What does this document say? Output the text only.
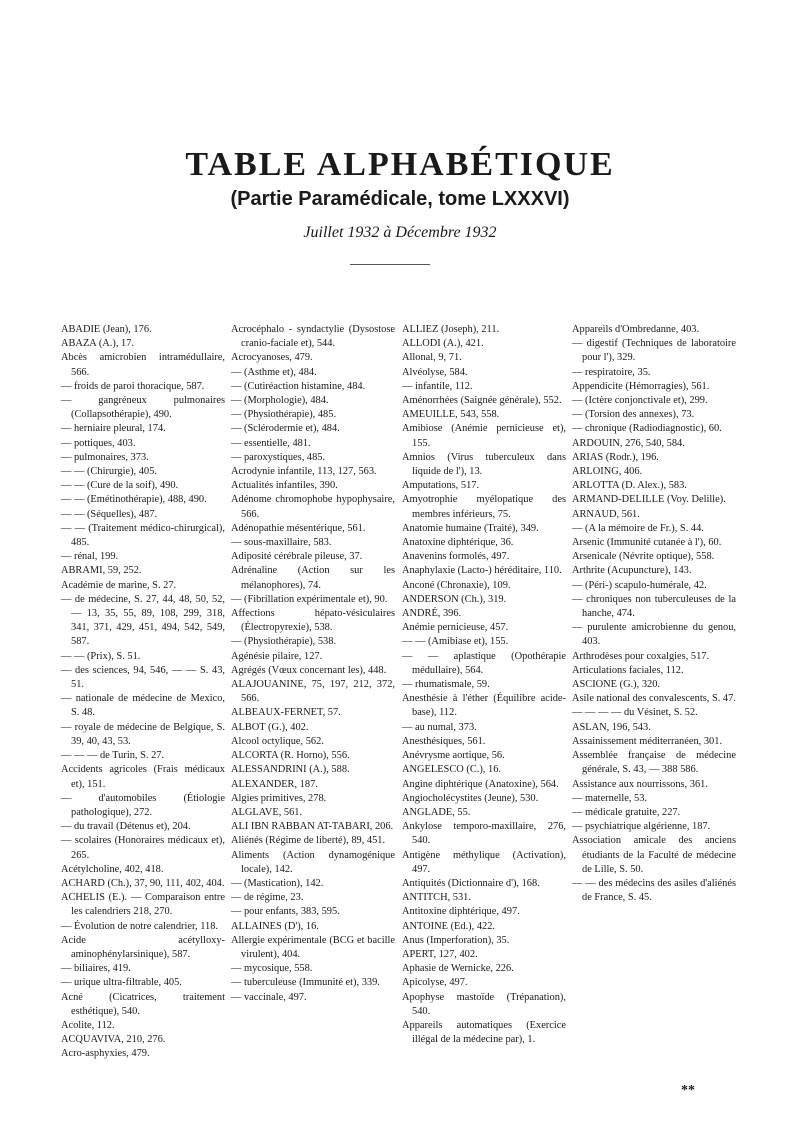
TABLE ALPHABÉTIQUE
(Partie Paramédicale, tome LXXXVI)
Juillet 1932 à Décembre 1932

ABADIE (Jean), 176.

ABAZA (A.), 17.

Abcès amicrobien intramédullaire, 566.

— froids de paroi thoracique, 587.

— gangréneux pulmonaires (Collapsothérapie), 490.

— herniaire pleural, 174.

— pottiques, 403.

— pulmonaires, 373.

— — (Chirurgie), 405.

— — (Cure de la soif), 490.

— — (Emétinothérapie), 488, 490.

— — (Séquelles), 487.

— — (Traitement médico-chirurgical), 485.

— rénal, 199.

ABRAMI, 59, 252.

Académie de marine, S. 27.

— de médecine, S. 27, 44, 48, 50, 52, — 13, 35, 55, 89, 108, 299, 318, 341, 371, 429, 451, 494, 542, 549, 587.

— — (Prix), S. 51.

— des sciences, 94, 546, — — S. 43, 51.

— nationale de médecine de Mexico, S. 48.

— royale de médecine de Belgique, S. 39, 40, 43, 53.

— — — de Turin, S. 27.

Accidents agricoles (Frais médicaux et), 151.

— d'automobiles (Étiologie pathologique), 272.

— du travail (Détenus et), 204.

— scolaires (Honoraires médicaux et), 265.

Acétylcholine, 402, 418.

ACHARD (Ch.), 37, 90, 111, 402, 404.

ACHELIS (E.). — Comparaison entre les calendriers 218, 270.

— Évolution de notre calendrier, 118.

Acide acétylloxy-aminophénylarsinique), 587.

— biliaires, 419.

— urique ultra-filtrable, 405.

Acné (Cicatrices, traitement esthétique), 540.

Acolite, 112.

ACQUAVIVA, 210, 276.

Acro-asphyxies, 479.

Acrocéphalo - syndactylie (Dysostose cranio-faciale et), 544.

Acrocyanoses, 479.

— (Asthme et), 484.

— (Cutiréaction histamine, 484.

— (Morphologie), 484.

— (Physiothérapie), 485.

— (Sclérodermie et), 484.

— essentielle, 481.

— paroxystiques, 485.

Acrodynie infantile, 113, 127, 563.

Actualités infantiles, 390.

Adénome chromophobe hypophysaire, 566.

Adénopathie mésentérique, 561.

— sous-maxillaire, 583.

Adiposité cérébrale pileuse, 37.

Adrénaline (Action sur les mélanophores), 74.

— (Fibrillation expérimentale et), 90.

Affections hépato-vésiculaires (Électropyrexie), 538.

— (Physiothérapie), 538.

Agénésie pilaire, 127.

Agrégés (Vœux concernant les), 448.

ALAJOUANINE, 75, 197, 212, 372, 566.

ALBEAUX-FERNET, 57.

ALBOT (G.), 402.

Alcool octylique, 562.

ALCORTA (R. Horno), 556.

ALESSANDRINI (A.), 588.

ALEXANDER, 187.

Algies primitives, 278.

ALGLAVE, 561.

ALI IBN RABBAN AT-TABARI, 206.

Aliénés (Régime de liberté), 89, 451.

Aliments (Action dynamogénique locale), 142.

— (Mastication), 142.

— de régime, 23.

— pour enfants, 383, 595.

ALLAINES (D'), 16.

Allergie expérimentale (BCG et bacille virulent), 404.

— mycosique, 558.

— tuberculeuse (Immunité et), 339.

— vaccinale, 497.

ALLIEZ (Joseph), 211.

ALLODI (A.), 421.

Allonal, 9, 71.

Alvéolyse, 584.

— infantile, 112.

Aménorrhées (Saignée générale), 552.

AMEUILLE, 543, 558.

Amibiose (Anémie pernicieuse et), 155.

Amnios (Virus tuberculeux dans liquide de l'), 13.

Amputations, 517.

Amyotrophie myélopatique des membres inférieurs, 75.

Anatomie humaine (Traité), 349.

Anatoxine diphtérique, 36.

Anavenins formolés, 497.

Anaphylaxie (Lacto-) héréditaire, 110.

Anconé (Chronaxie), 109.

ANDERSON (Ch.), 319.

ANDRÉ, 396.

Anémie pernicieuse, 457.

— — (Amibiase et), 155.

— — aplastique (Opothérapie médullaire), 564.

— rhumatismale, 59.

Anesthésie à l'éther (Équilibre acide-base), 112.

— au numal, 373.

Anesthésiques, 561.

Anévrysme aortique, 56.

ANGELESCO (C.), 16.

Angine diphtérique (Anatoxine), 564.

Angiocholécystites (Jeune), 530.

ANGLADE, 55.

Ankylose temporo-maxillaire, 276, 540.

Antigène méthylique (Activation), 497.

Antiquités (Dictionnaire d'), 168.

ANTITCH, 531.

Antitoxine diphtérique, 497.

ANTOINE (Ed.), 422.

Anus (Imperforation), 35.

APERT, 127, 402.

Aphasie de Wernicke, 226.

Apicolyse, 497.

Apophyse mastoïde (Trépanation), 540.

Appareils automatiques (Exercice illégal de la médecine par), 1.

Appareils d'Ombredanne, 403.

— digestif (Techniques de laboratoire pour l'), 329.

— respiratoire, 35.

Appendicite (Hémorragies), 561.

— (Ictère conjonctivale et), 299.

— (Torsion des annexes), 73.

— chronique (Radiodiagnostic), 60.

ARDOUIN, 276, 540, 584.

ARIAS (Rodr.), 196.

ARLOING, 406.

ARLOTTA (D. Alex.), 583.

ARMAND-DELILLE (Voy. Delille).

ARNAUD, 561.

— (A la mémoire de Fr.), S. 44.

Arsenic (Immunité cutanée à l'), 60.

Arsenicale (Névrite optique), 558.

Arthrite (Acupuncture), 143.

— (Péri-) scapulo-humérale, 42.

— chroniques non tuberculeuses de la hanche, 474.

— purulente amicrobienne du genou, 403.

Arthrodèses pour coxalgies, 517.

Articulations faciales, 112.

ASCIONE (G.), 320.

Asile national des convalescents, S. 47.

— — — — du Vésinet, S. 52.

ASLAN, 196, 543.

Assainissement méditerranéen, 301.

Assemblée française de médecine générale, S. 43, — 388 586.

Assistance aux nourrissons, 361.

— maternelle, 53.

— médicale gratuite, 227.

— psychiatrique algérienne, 187.

Association amicale des anciens étudiants de la Faculté de médecine de Lille, S. 50.

— — des médecins des asiles d'aliénés de France, S. 45.

**
